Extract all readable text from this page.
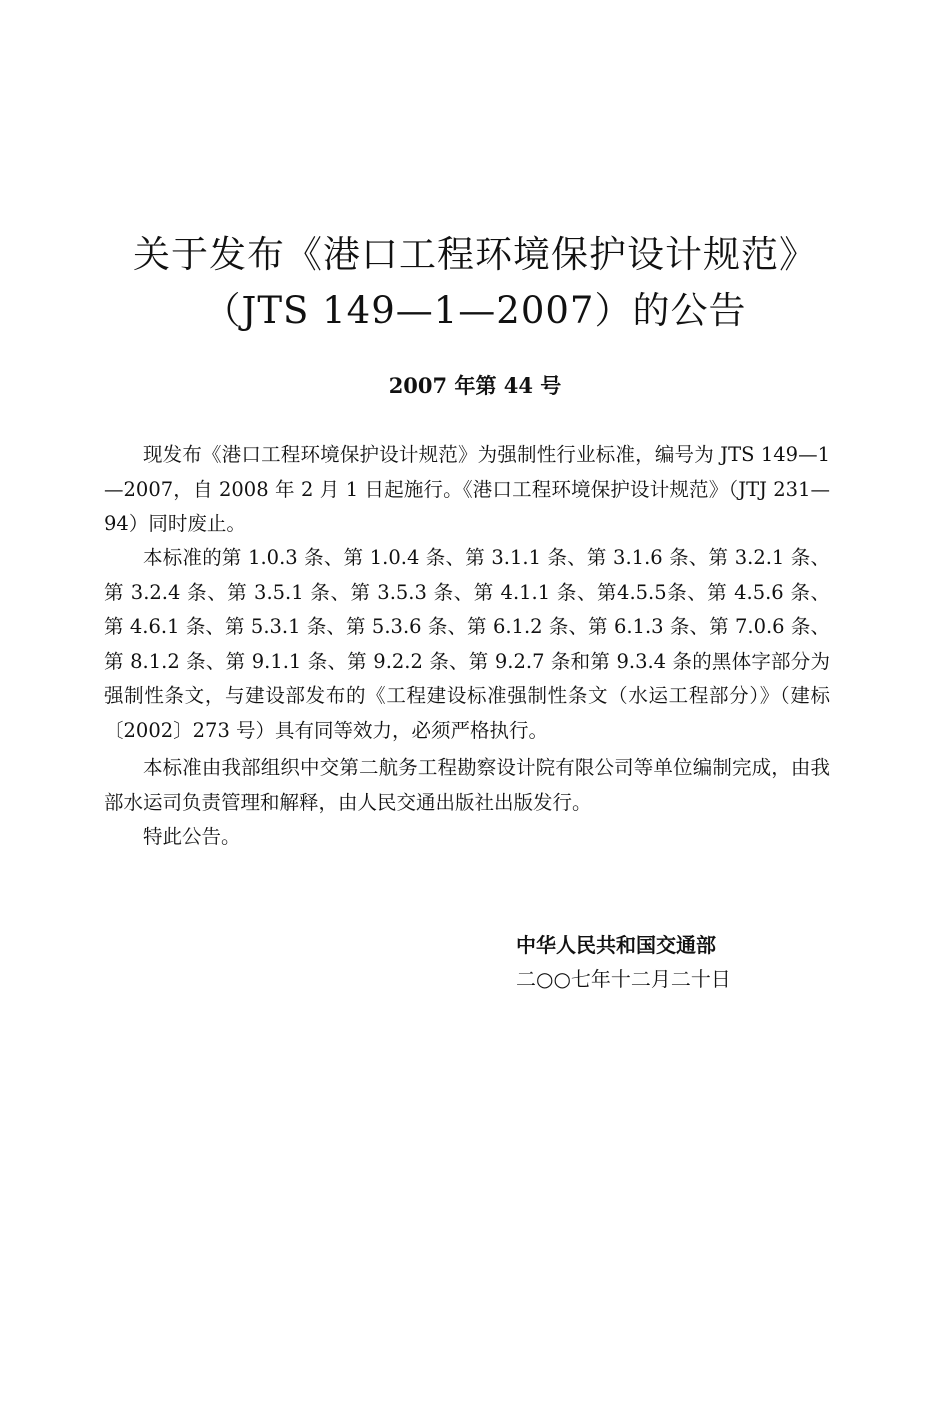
关于发布《港口工程环境保护设计规范》
（JTS 149—1—2007）的公告
2007 年第 44 号

现发布《港口工程环境保护设计规范》为强制性行业标准，编号为 JTS 149—1—2007，自 2008 年 2 月 1 日起施行。《港口工程环境保护设计规范》（JTJ 231—94）同时废止。

本标准的第 1.0.3 条、第 1.0.4 条、第 3.1.1 条、第 3.1.6 条、第 3.2.1 条、第 3.2.4 条、第 3.5.1 条、第 3.5.3 条、第 4.1.1 条、第4.5.5条、第 4.5.6 条、第 4.6.1 条、第 5.3.1 条、第 5.3.6 条、第 6.1.2 条、第 6.1.3 条、第 7.0.6 条、第 8.1.2 条、第 9.1.1 条、第 9.2.2 条、第 9.2.7 条和第 9.3.4 条的黑体字部分为强制性条文，与建设部发布的《工程建设标准强制性条文（水运工程部分）》（建标〔2002〕273 号）具有同等效力，必须严格执行。

本标准由我部组织中交第二航务工程勘察设计院有限公司等单位编制完成，由我部水运司负责管理和解释，由人民交通出版社出版发行。

特此公告。

中华人民共和国交通部
二○○七年十二月二十日
